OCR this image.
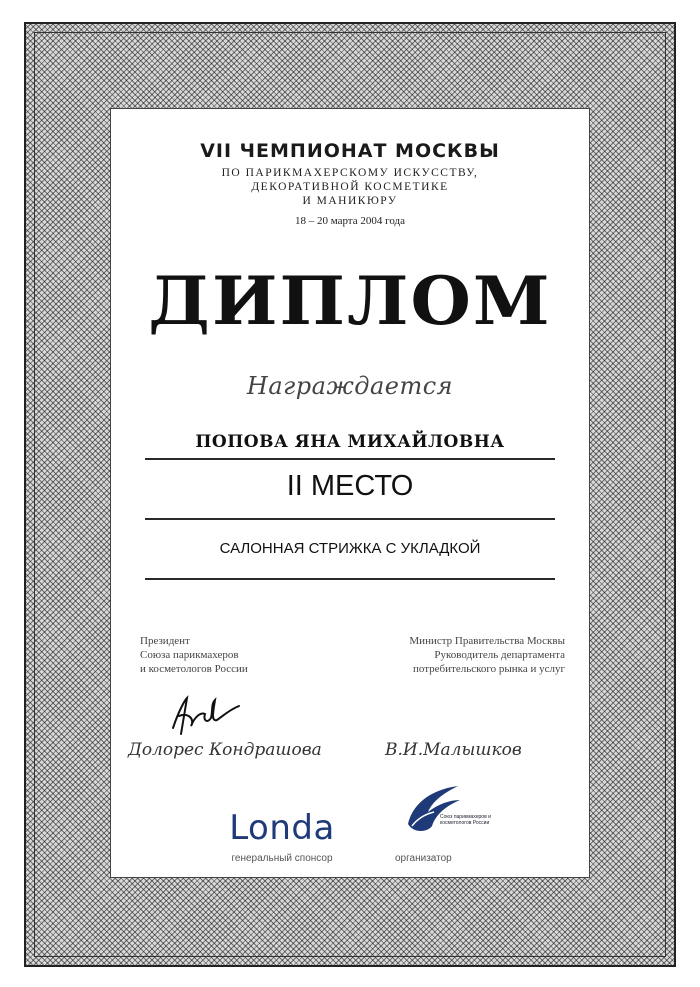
VII ЧЕМПИОНАТ МОСКВЫ
ПО ПАРИКМАХЕРСКОМУ ИСКУССТВУ,
ДЕКОРАТИВНОЙ КОСМЕТИКЕ
И МАНИКЮРУ
18 – 20 марта 2004 года
ДИПЛОМ
Награждается
ПОПОВА ЯНА МИХАЙЛОВНА
II МЕСТО
САЛОННАЯ СТРИЖКА С УКЛАДКОЙ
Президент
Союза парикмахеров
и косметологов России
Министр Правительства Москвы
Руководитель департамента
потребительского рынка и услуг
Долорес Кондрашова	В.И.Малышков
Londa
генеральный спонсор
Союз парикмахеров и косметологов России
организатор
